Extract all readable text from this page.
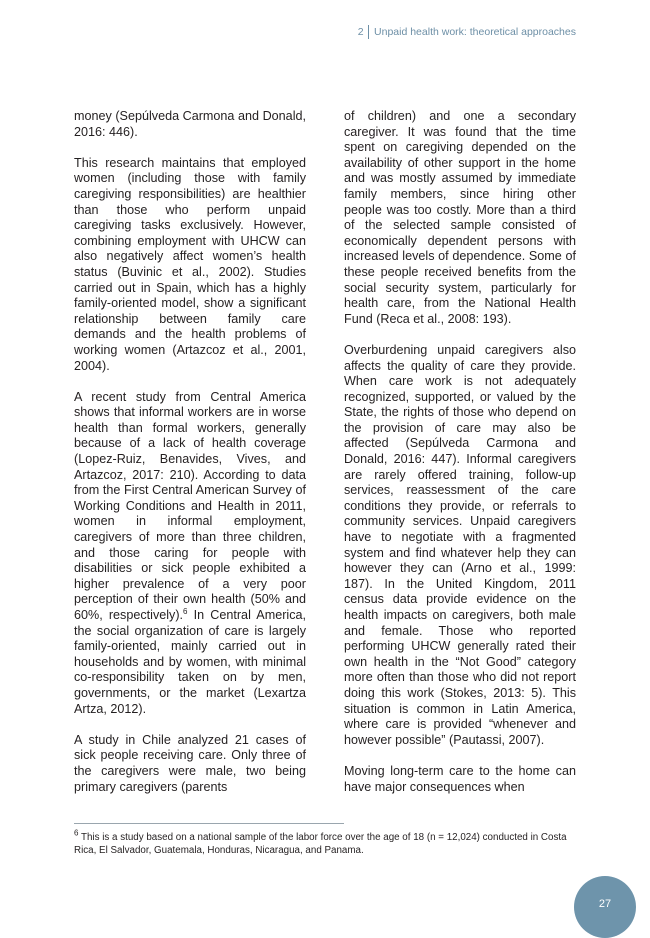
2 Unpaid health work: theoretical approaches

money (Sepúlveda Carmona and Donald, 2016: 446).

This research maintains that employed women (including those with family caregiving responsibilities) are healthier than those who perform unpaid caregiving tasks exclusively. However, combining employment with UHCW can also negatively affect women’s health status (Buvinic et al., 2002). Studies carried out in Spain, which has a highly family-oriented model, show a significant relationship between family care demands and the health problems of working women (Artazcoz et al., 2001, 2004).

A recent study from Central America shows that informal workers are in worse health than formal workers, generally because of a lack of health coverage (Lopez-Ruiz, Benavides, Vives, and Artazcoz, 2017: 210). According to data from the First Central American Survey of Working Conditions and Health in 2011, women in informal employment, caregivers of more than three children, and those caring for people with disabilities or sick people exhibited a higher prevalence of a very poor perception of their own health (50% and 60%, respectively).$^6$ In Central America, the social organization of care is largely family-oriented, mainly carried out in households and by women, with minimal co-responsibility taken on by men, governments, or the market (Lexartza Artza, 2012).

A study in Chile analyzed 21 cases of sick people receiving care. Only three of the caregivers were male, two being primary caregivers (parents

of children) and one a secondary caregiver. It was found that the time spent on caregiving depended on the availability of other support in the home and was mostly assumed by immediate family members, since hiring other people was too costly. More than a third of the selected sample consisted of economically dependent persons with increased levels of dependence. Some of these people received benefits from the social security system, particularly for health care, from the National Health Fund (Reca et al., 2008: 193).

Overburdening unpaid caregivers also affects the quality of care they provide. When care work is not adequately recognized, supported, or valued by the State, the rights of those who depend on the provision of care may also be affected (Sepúlveda Carmona and Donald, 2016: 447). Informal caregivers are rarely offered training, follow-up services, reassessment of the care conditions they provide, or referrals to community services. Unpaid caregivers have to negotiate with a fragmented system and find whatever help they can however they can (Arno et al., 1999: 187). In the United Kingdom, 2011 census data provide evidence on the health impacts on caregivers, both male and female. Those who reported performing UHCW generally rated their own health in the “Not Good” category more often than those who did not report doing this work (Stokes, 2013: 5). This situation is common in Latin America, where care is provided “whenever and however possible” (Pautassi, 2007).

Moving long-term care to the home can have major consequences when

$^6$ This is a study based on a national sample of the labor force over the age of 18 (n = 12,024) conducted in Costa Rica, El Salvador, Guatemala, Honduras, Nicaragua, and Panama.
27
